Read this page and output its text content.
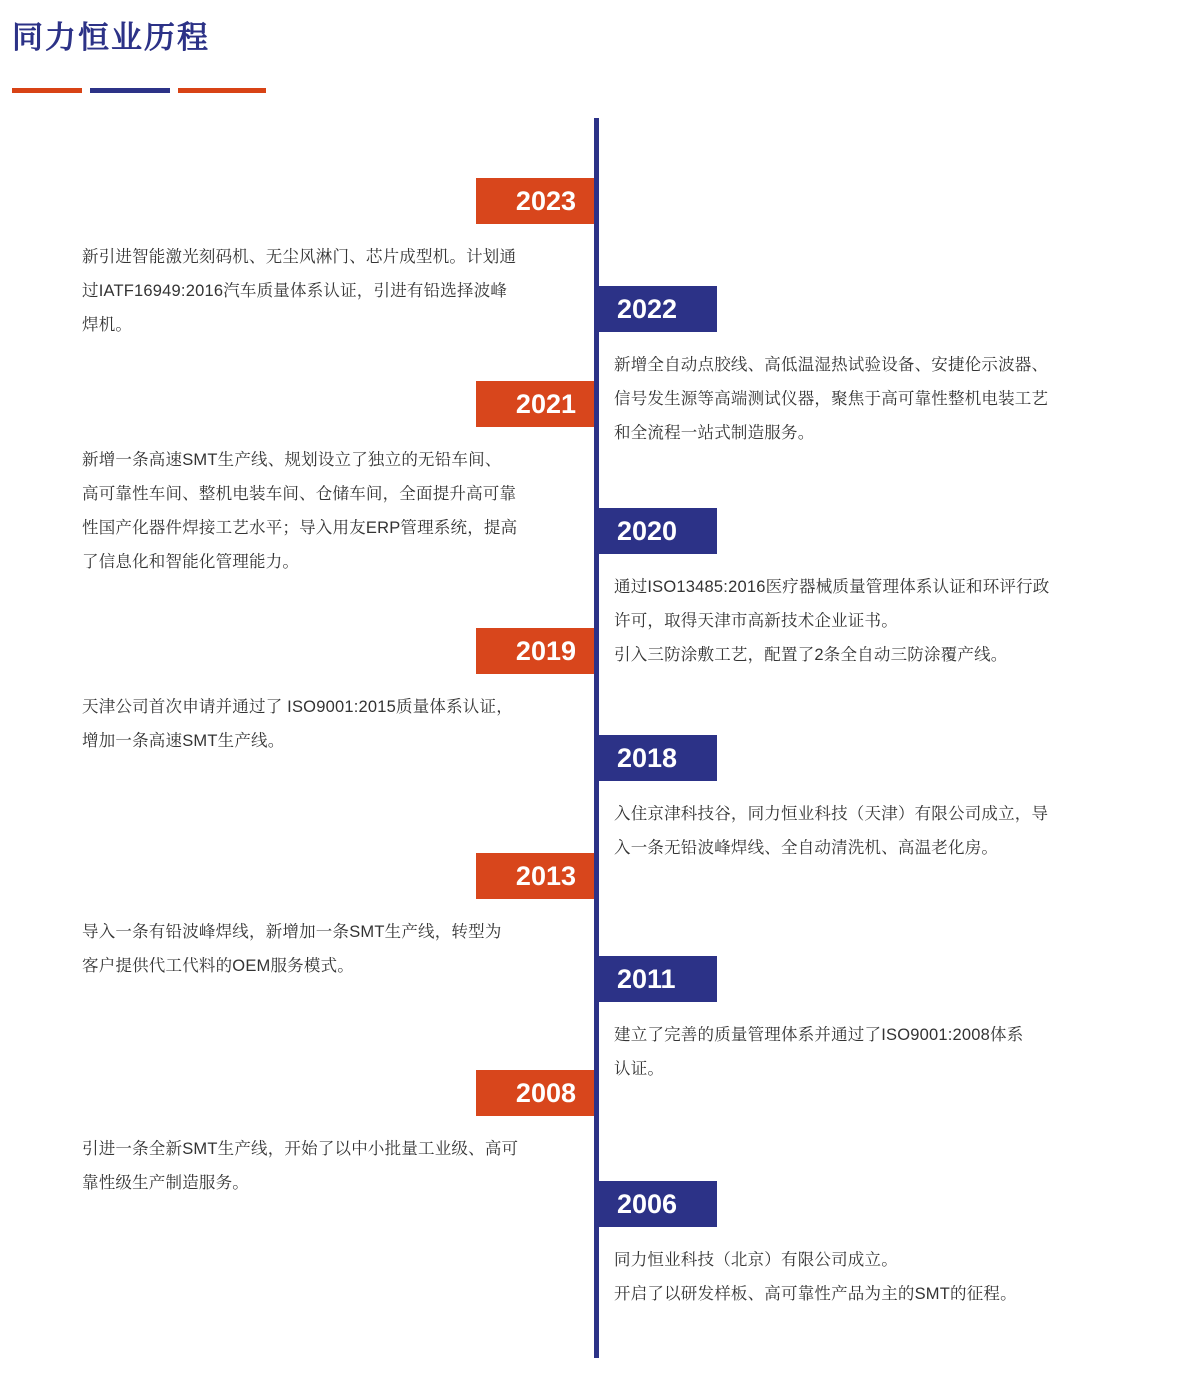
同力恒业历程
2023

新引进智能激光刻码机、无尘风淋门、芯片成型机。计划通

过IATF16949:2016汽车质量体系认证，引进有铅选择波峰

焊机。

2022

新增全自动点胶线、高低温湿热试验设备、安捷伦示波器、

信号发生源等高端测试仪器，聚焦于高可靠性整机电装工艺

和全流程一站式制造服务。

2021

新增一条高速SMT生产线、规划设立了独立的无铅车间、

高可靠性车间、整机电装车间、仓储车间，全面提升高可靠

性国产化器件焊接工艺水平；导入用友ERP管理系统，提高

了信息化和智能化管理能力。

2020

通过ISO13485:2016医疗器械质量管理体系认证和环评行政

许可，取得天津市高新技术企业证书。

引入三防涂敷工艺，配置了2条全自动三防涂覆产线。

2019

天津公司首次申请并通过了 ISO9001:2015质量体系认证，

增加一条高速SMT生产线。

2018

入住京津科技谷，同力恒业科技（天津）有限公司成立，导

入一条无铅波峰焊线、全自动清洗机、高温老化房。

2013

导入一条有铅波峰焊线，新增加一条SMT生产线，转型为

客户提供代工代料的OEM服务模式。	2011

建立了完善的质量管理体系并通过了ISO9001:2008体系

认证。

2008

引进一条全新SMT生产线，开始了以中小批量工业级、高可

靠性级生产制造服务。

2006

同力恒业科技（北京）有限公司成立。

开启了以研发样板、高可靠性产品为主的SMT的征程。
